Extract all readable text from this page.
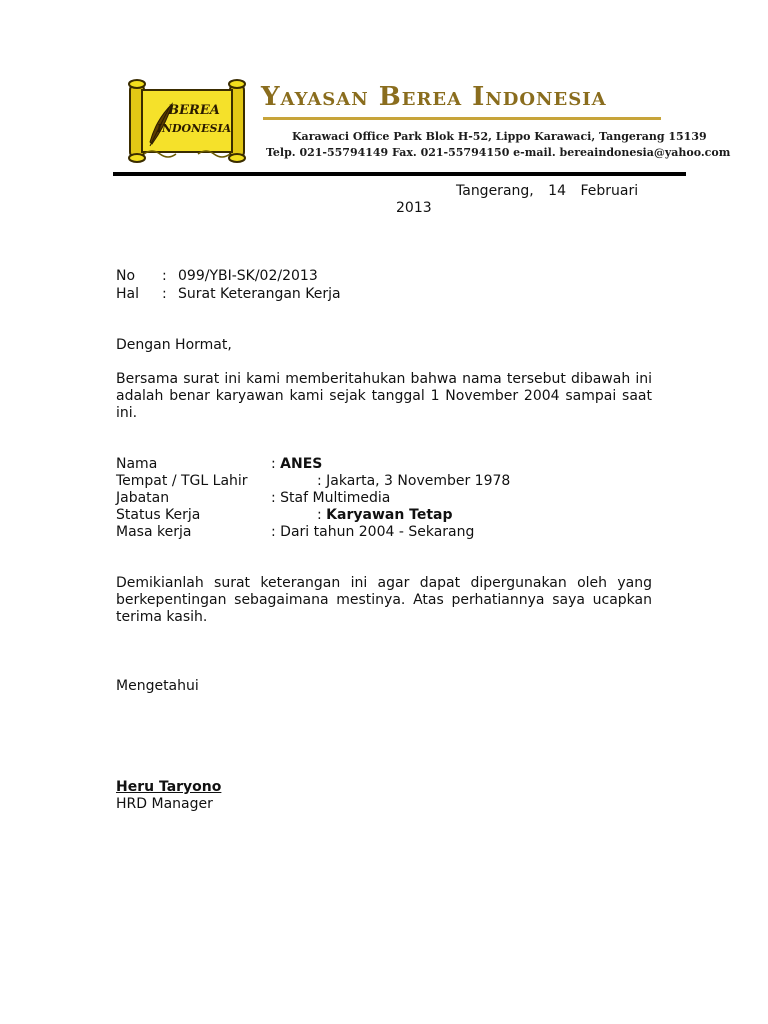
BEREA
INDONESIA
Yayasan Berea Indonesia
Karawaci Office Park Blok H-52, Lippo Karawaci, Tangerang 15139
Telp. 021-55794149 Fax. 021-55794150 e-mail. bereaindonesia@yahoo.com
Tangerang, 14 Februari
2013
No : 099/YBI-SK/02/2013
Hal : Surat Keterangan Kerja
Dengan Hormat,
Bersama surat ini kami memberitahukan bahwa nama tersebut dibawah ini adalah benar karyawan kami sejak tanggal 1 November 2004 sampai saat ini.
Nama	: ANES
Tempat / TGL Lahir	: Jakarta, 3 November 1978
Jabatan	: Staf Multimedia
Status Kerja	: Karyawan Tetap
Masa kerja	: Dari tahun 2004 - Sekarang
Demikianlah surat keterangan ini agar dapat dipergunakan oleh yang berkepentingan sebagaimana mestinya. Atas perhatiannya saya ucapkan terima kasih.
Mengetahui
Heru Taryono
HRD Manager
